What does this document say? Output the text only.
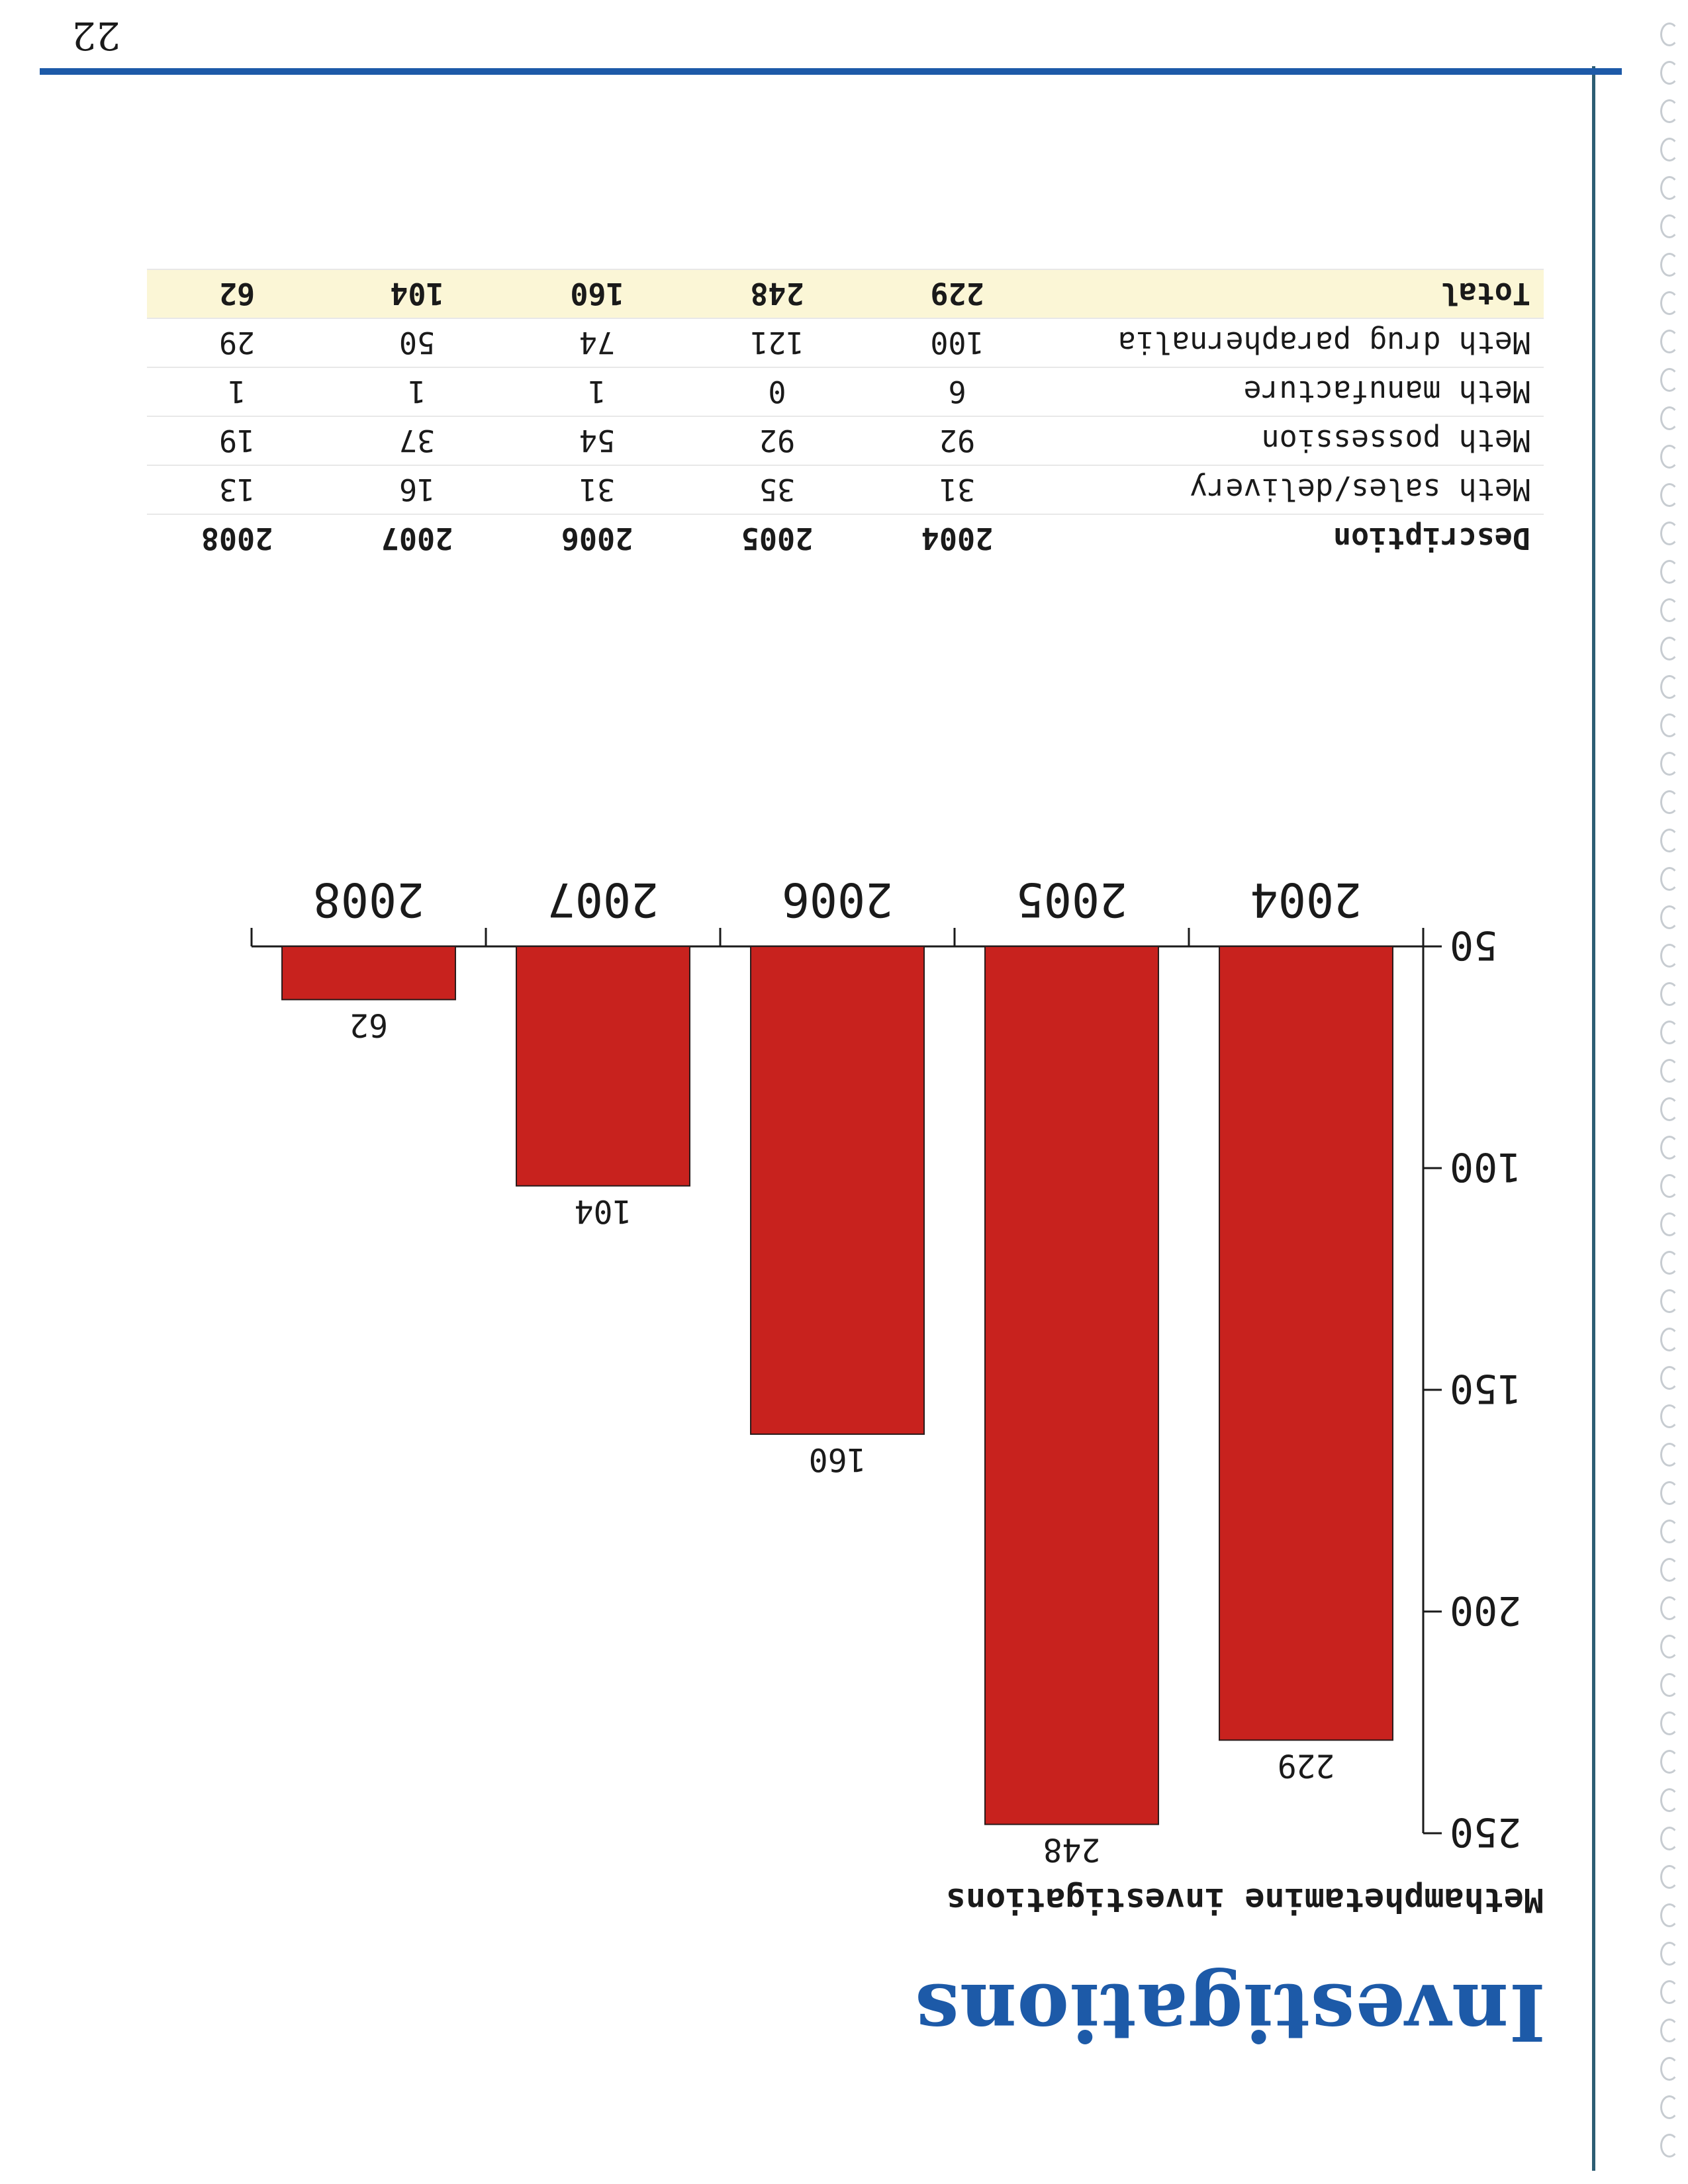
Investigations
Methamphetamine investigations
50
100
150
200
250
229
2004
248
2005
160
2006
104
2007
62
2008
Description	2004	2005	2006	2007	2008
Meth sales/delivery	31	35	31	16	13
Meth possession	92	92	54	37	19
Meth manufacture	6	0	1	1	1
Meth drug paraphernalia	100	121	74	50	29
Total	229	248	160	104	62
22
